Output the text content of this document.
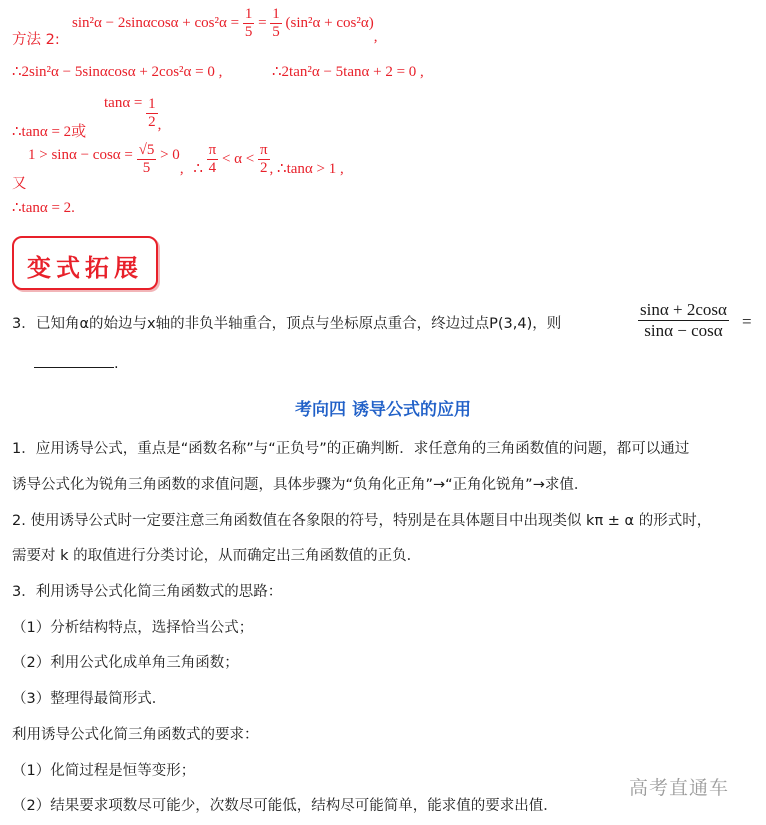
方法 2:
$\sin^2\alpha - 2\sin\alpha\cos\alpha + \cos^2\alpha = \frac{1}{5} = \frac{1}{5} (\sin^2\alpha + \cos^2\alpha)$,
∴2sin²α − 5sinαcosα + 2cos²α = 0 ,	∴2tan²α − 5tanα + 2 = 0 ,
∴tanα = 2或
$\tan\alpha = \frac{1}{2}$ ,
又
$1 > \sin\alpha - \cos\alpha = \frac{√5}{5} > 0$, ∴ $\frac{\pi}{4} < \alpha < \frac{\pi}{2}$ , ∴tanα > 1 ,
∴tanα = 2.
变式拓展
3． 已知角α的始边与x轴的非负半轴重合，顶点与坐标原点重合，终边过点P(3,4)，则	$\frac{\sin\alpha + 2\cos\alpha}{\sin\alpha - \cos\alpha}$ =
.
考向四 诱导公式的应用
1．应用诱导公式，重点是“函数名称”与“正负号”的正确判断．求任意角的三角函数值的问题，都可以通过
诱导公式化为锐角三角函数的求值问题，具体步骤为“负角化正角”→“正角化锐角”→求值．
2. 使用诱导公式时一定要注意三角函数值在各象限的符号，特别是在具体题目中出现类似 kπ ± α 的形式时，
需要对 k 的取值进行分类讨论，从而确定出三角函数值的正负．
3．利用诱导公式化简三角函数式的思路：
（1）分析结构特点，选择恰当公式；
（2）利用公式化成单角三角函数；
（3）整理得最简形式．
利用诱导公式化简三角函数式的要求：
（1）化简过程是恒等变形；
（2）结果要求项数尽可能少，次数尽可能低，结构尽可能简单，能求值的要求出值．
高考直通车
